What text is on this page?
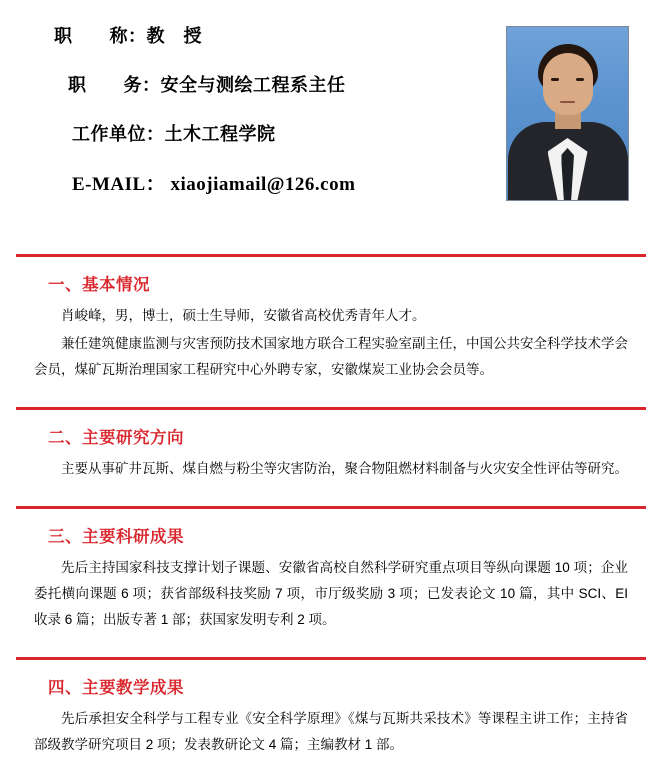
职　　称：教　授
职　　务：安全与测绘工程系主任
工作单位：土木工程学院
E-MAIL： xiaojiamail@126.com
一、基本情况

肖峻峰，男，博士，硕士生导师，安徽省高校优秀青年人才。

兼任建筑健康监测与灾害预防技术国家地方联合工程实验室副主任，中国公共安全科学技术学会会员，煤矿瓦斯治理国家工程研究中心外聘专家，安徽煤炭工业协会会员等。

二、主要研究方向

主要从事矿井瓦斯、煤自燃与粉尘等灾害防治，聚合物阻燃材料制备与火灾安全性评估等研究。

三、主要科研成果

先后主持国家科技支撑计划子课题、安徽省高校自然科学研究重点项目等纵向课题 10 项；企业委托横向课题 6 项；获省部级科技奖励 7 项，市厅级奖励 3 项；已发表论文 10 篇，其中 SCI、EI 收录 6 篇；出版专著 1 部；获国家发明专利 2 项。

四、主要教学成果

先后承担安全科学与工程专业《安全科学原理》《煤与瓦斯共采技术》等课程主讲工作；主持省部级教学研究项目 2 项；发表教研论文 4 篇；主编教材 1 部。
